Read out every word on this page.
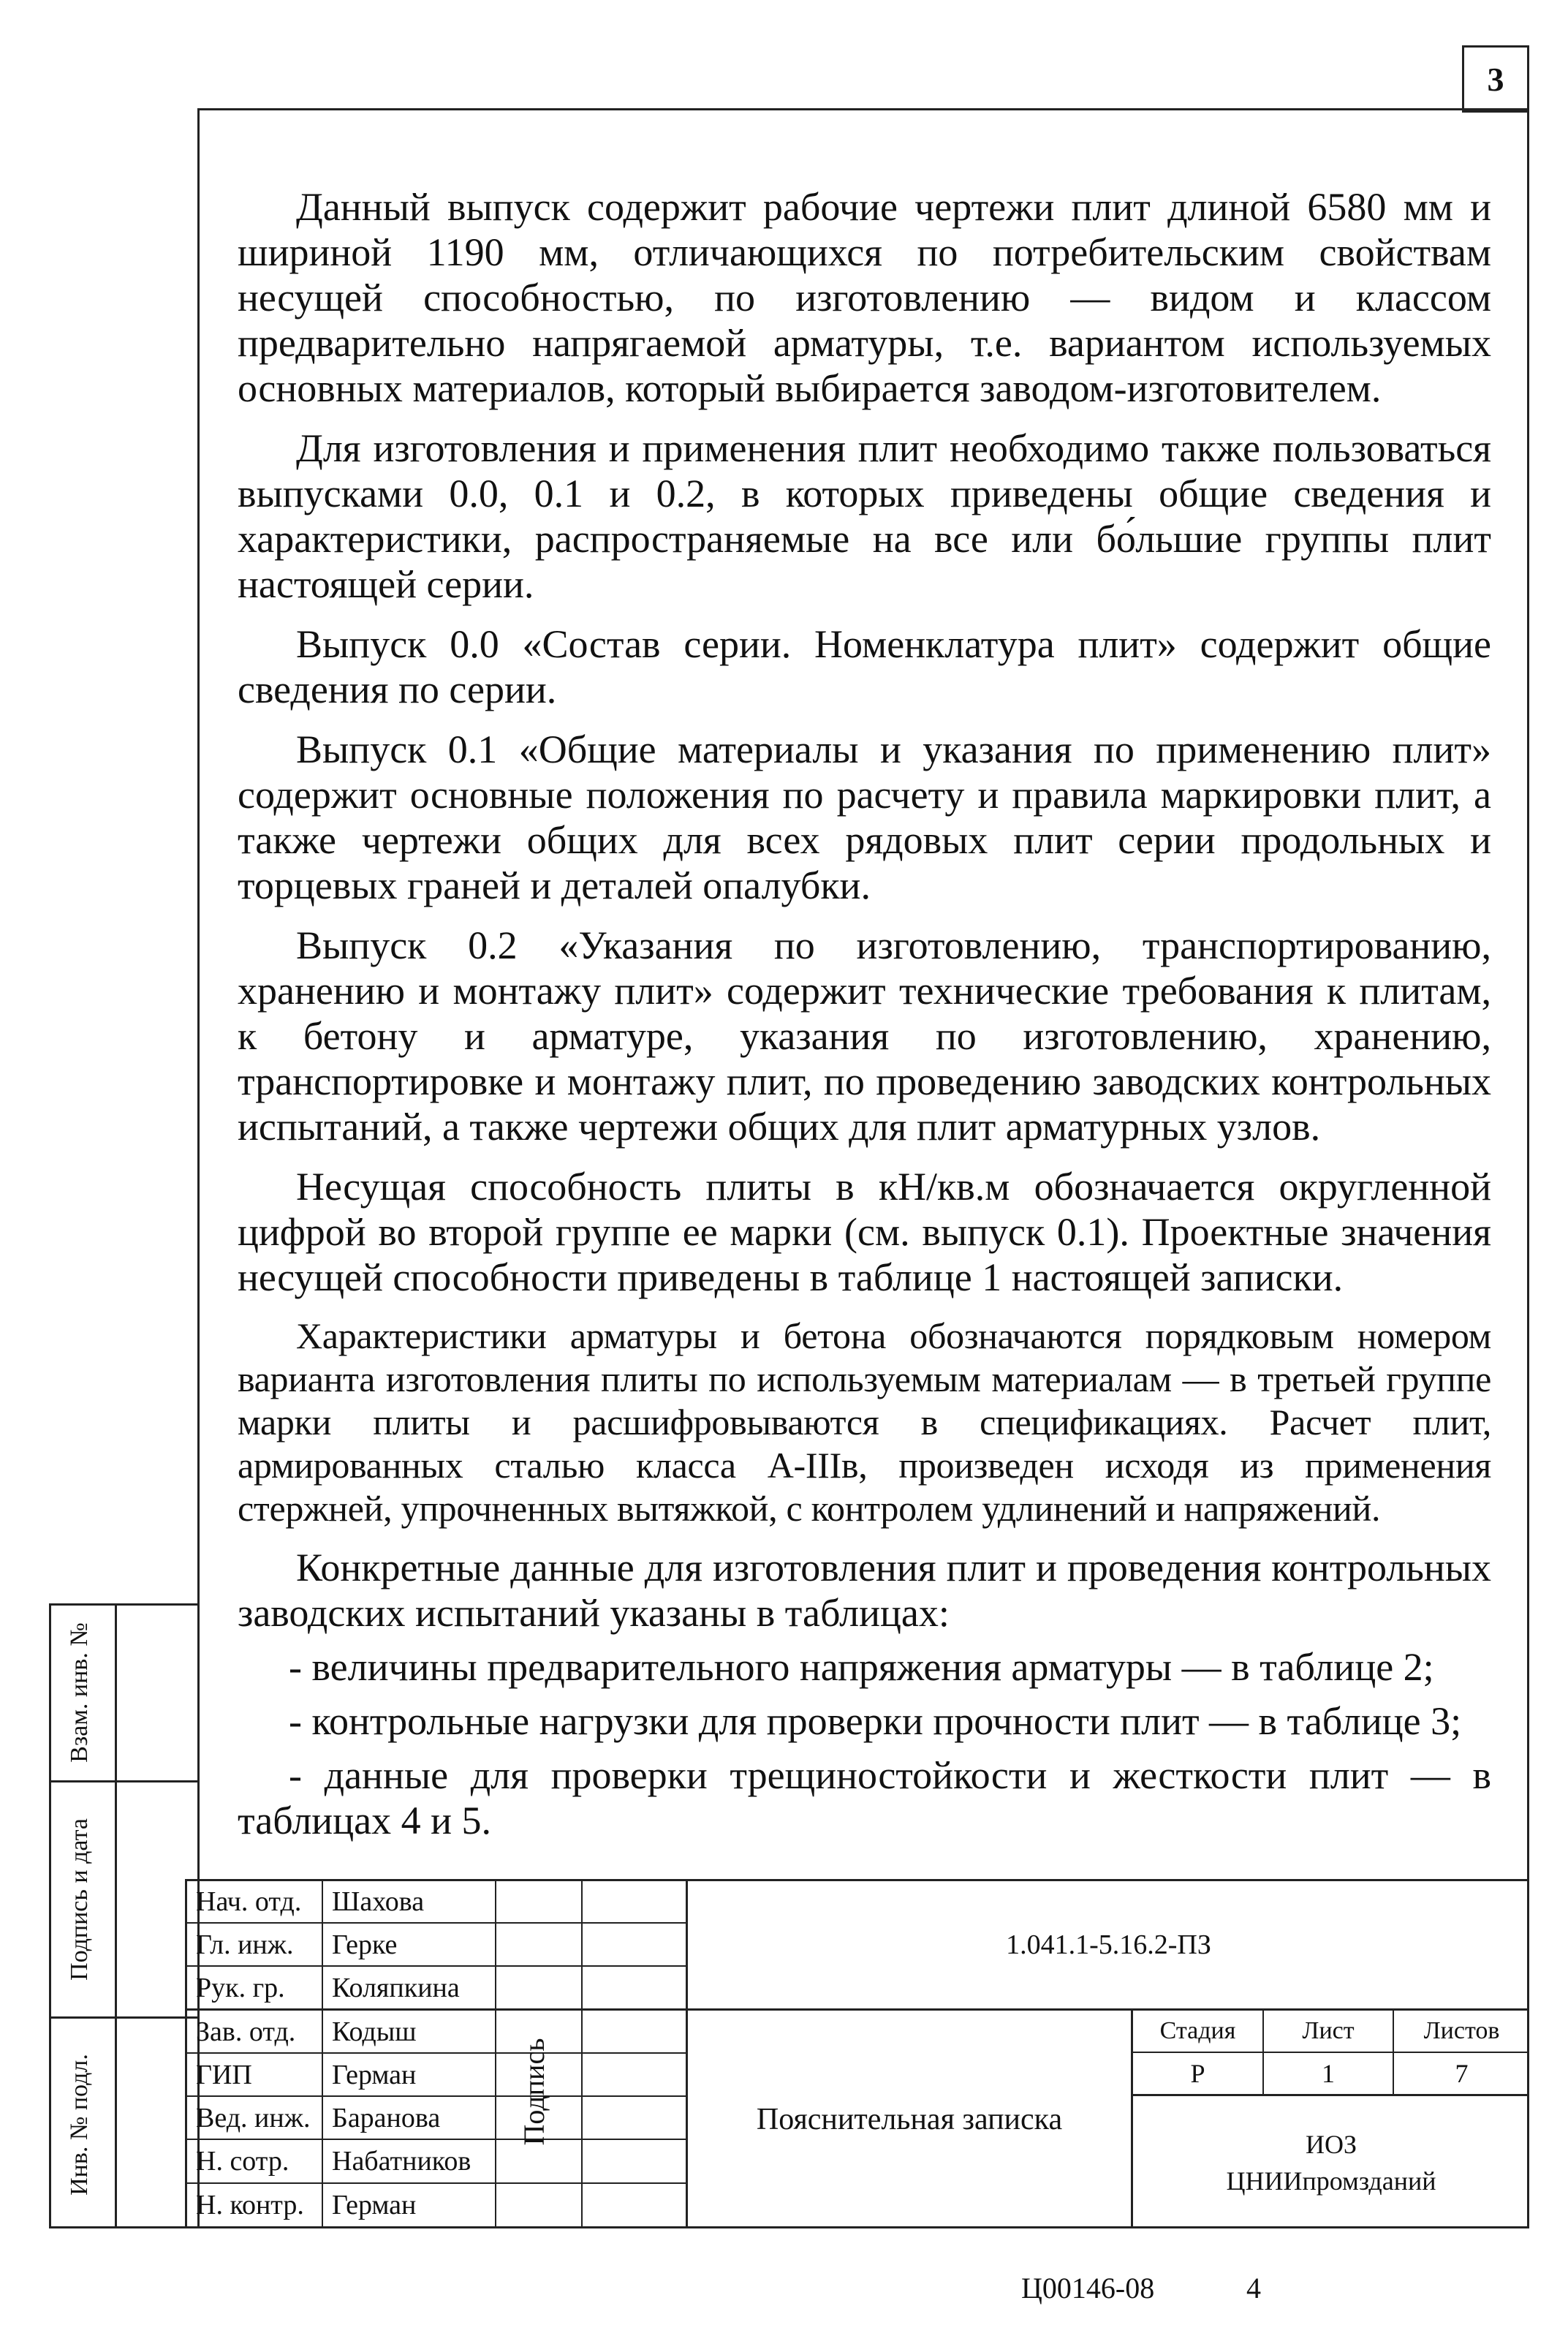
3
Взам. инв. №
Подпись и дата
Инв. № подл.

Данный выпуск содержит рабочие чертежи плит длиной 6580 мм и шириной 1190 мм, отличающихся по потребительским свойствам несущей способностью, по изготовлению — видом и классом предварительно напрягаемой арматуры, т.е. вариантом используемых основных материалов, который выбирается заводом-изготовителем.

Для изготовления и применения плит необходимо также пользоваться выпусками 0.0, 0.1 и 0.2, в которых приведены общие сведения и характеристики, распространяемые на все или бо́льшие группы плит настоящей серии.

Выпуск 0.0 «Состав серии. Номенклатура плит» содержит общие сведения по серии.

Выпуск 0.1 «Общие материалы и указания по применению плит» содержит основные положения по расчету и правила маркировки плит, а также чертежи общих для всех рядовых плит серии продольных и торцевых граней и деталей опалубки.

Выпуск 0.2 «Указания по изготовлению, транспортированию, хранению и монтажу плит» содержит технические требования к плитам, к бетону и арматуре, указания по изготовлению, хранению, транспортировке и монтажу плит, по проведению заводских контрольных испытаний, а также чертежи общих для плит арматурных узлов.

Несущая способность плиты в кН/кв.м обозначается округленной цифрой во второй группе ее марки (см. выпуск 0.1). Проектные значения несущей способности приведены в таблице 1 настоящей записки.

Характеристики арматуры и бетона обозначаются порядковым номером варианта изготовления плиты по используемым материалам — в третьей группе марки плиты и расшифровываются в спецификациях. Расчет плит, армированных сталью класса А-IIIв, произведен исходя из применения стержней, упрочненных вытяжкой, с контролем удлинений и напряжений.

Конкретные данные для изготовления плит и проведения контрольных заводских испытаний указаны в таблицах:

- величины предварительного напряжения арматуры — в таблице 2;

- контрольные нагрузки для проверки прочности плит — в таблице 3;

- данные для проверки трещиностойкости и жесткости плит — в таблицах 4 и 5.

Нач. отд.	Шахова
Гл. инж.	Герке
Рук. гр.	Коляпкина
Зав. отд.	Кодыш
ГИП	Герман
Вед. инж. Баранова
Н. сотр.	Набатников
Н. контр.	Герман
Подпись
1.041.1-5.16.2-ПЗ
Пояснительная записка
Стадия	Лист	Листов
Р	1	7
ИОЗ
ЦНИИпромзданий
Ц00146-08	4
